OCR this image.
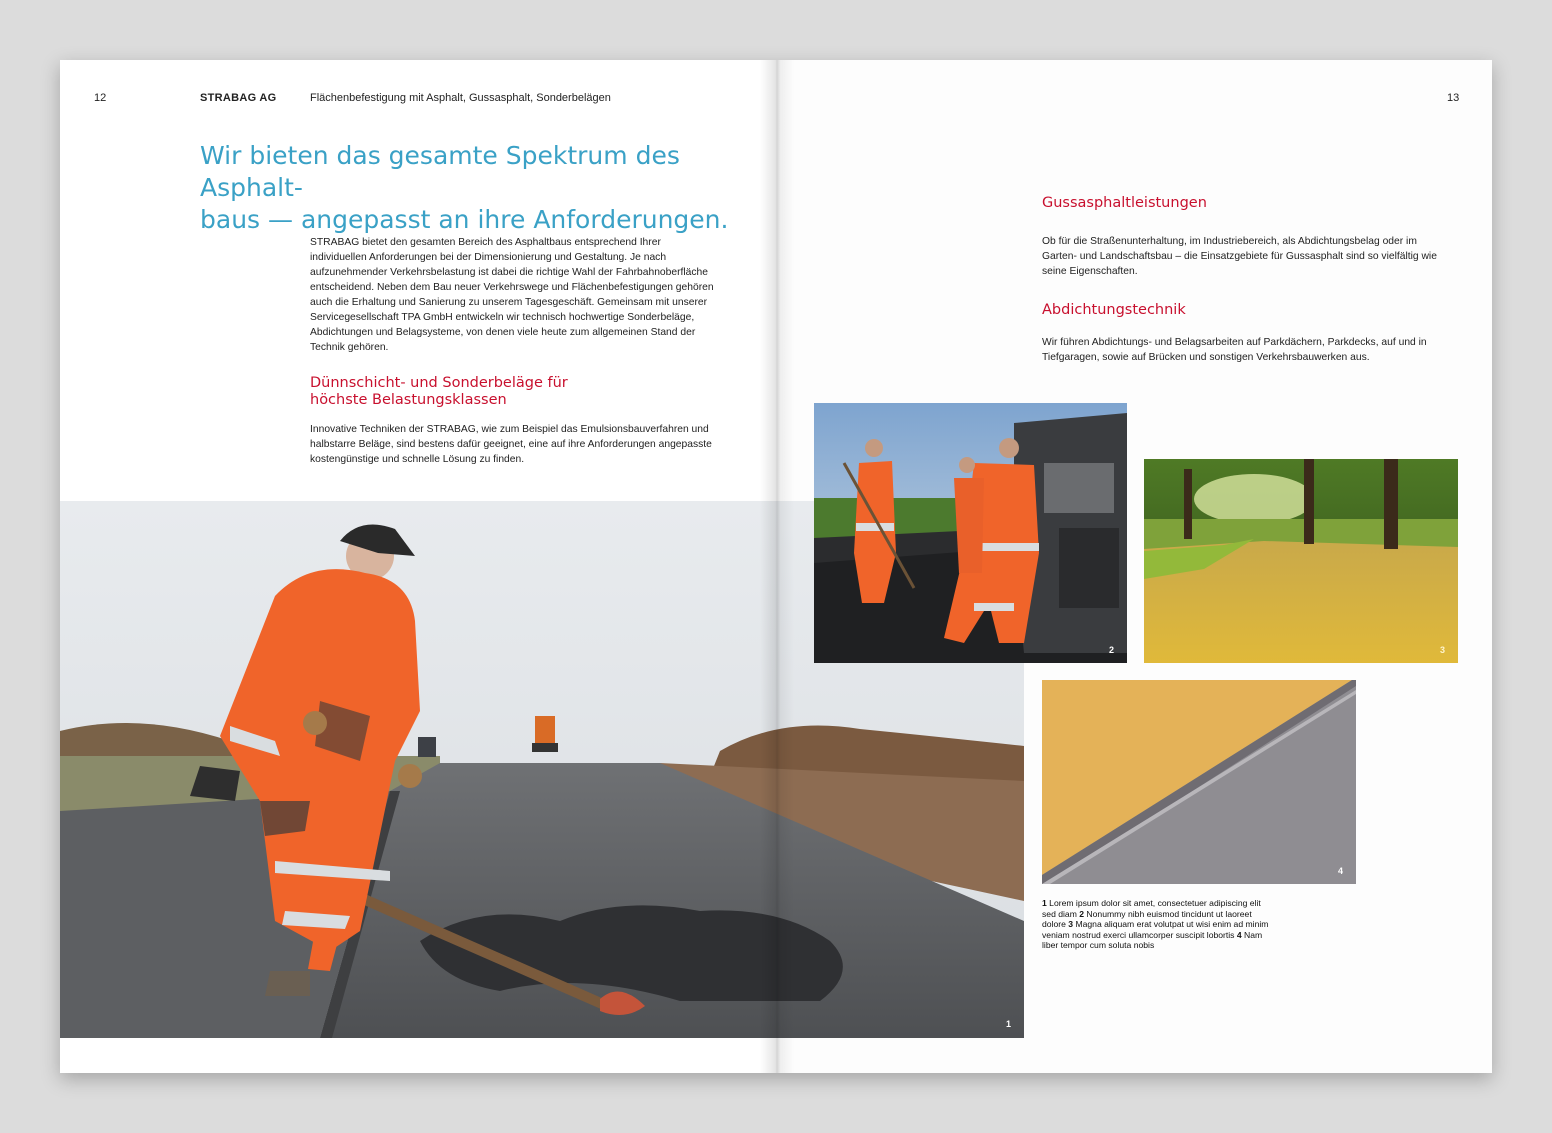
12	STRABAG AG	Flächenbefestigung mit Asphalt, Gussasphalt, Sonderbelägen

Wir bieten das gesamte Spektrum des Asphalt-

baus — angepasst an ihre Anforderungen.

STRABAG bietet den gesamten Bereich des Asphaltbaus entsprechend Ihrer individuellen Anforderungen bei der Dimensionierung und Gestaltung. Je nach aufzunehmender Verkehrsbelastung ist dabei die richtige Wahl der Fahrbahnoberfläche entscheidend. Neben dem Bau neuer Verkehrswege und Flächenbefestigungen gehören auch die Erhaltung und Sanierung zu unserem Tagesgeschäft. Gemeinsam mit unserer Servicegesellschaft TPA GmbH entwickeln wir technisch hochwertige Sonderbeläge, Abdichtungen und Belagsysteme, von denen viele heute zum allgemeinen Stand der Technik gehören.

Dünnschicht- und Sonderbeläge für

höchste Belastungsklassen

Innovative Techniken der STRABAG, wie zum Beispiel das Emulsionsbauverfahren und halbstarre Beläge, sind bestens dafür geeignet, eine auf ihre Anforderungen angepasste kostengünstige und schnelle Lösung zu finden.

13

Gussasphaltleistungen

Ob für die Straßenunterhaltung, im Industriebereich, als Abdichtungsbelag oder im Garten- und Landschaftsbau – die Einsatzgebiete für Gussasphalt sind so vielfältig wie seine Eigenschaften.

Abdichtungstechnik

Wir führen Abdichtungs- und Belagsarbeiten auf Parkdächern, Parkdecks, auf und in Tiefgaragen, sowie auf Brücken und sonstigen Verkehrsbauwerken aus.

1 Lorem ipsum dolor sit amet, consectetuer adipiscing elit sed diam 2 Nonummy nibh euismod tincidunt ut laoreet dolore 3 Magna aliquam erat volutpat ut wisi enim ad minim veniam nostrud exerci ullamcorper suscipit lobortis 4 Nam liber tempor cum soluta nobis

1
2	3
4
